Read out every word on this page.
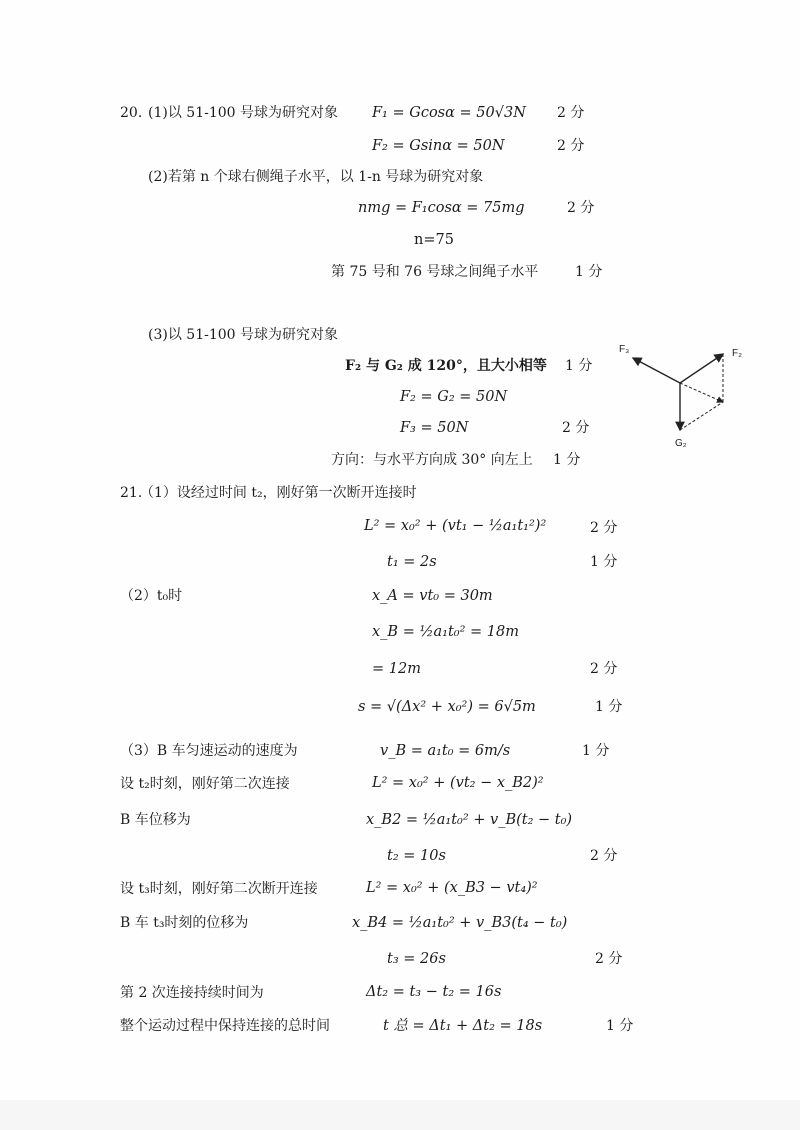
20. (1)以 51-100 号球为研究对象 F₁ = Gcosα = 50√3N 2 分
F₂ = Gsinα = 50N	2 分
(2)若第 n 个球右侧绳子水平，以 1-n 号球为研究对象
nmg = F₁cosα = 75mg	2 分
n=75
第 75 号和 76 号球之间绳子水平	1 分
(3)以 51-100 号球为研究对象
F₂ 与 G₂ 成 120°，且大小相等 1 分
F₂ = G₂ = 50N
F₃ = 50N	2 分
方向：与水平方向成 30° 向左上 1 分
F₃	F₂
G₂
21.
（1）设经过时间 t₂，刚好第一次断开连接时
L² = x₀² + (vt₁ − ½a₁t₁²)²	2 分
t₁ = 2s	1 分
（2）t₀时	x_A = vt₀ = 30m
x_B = ½a₁t₀² = 18m
= 12m	2 分
s = √(Δx² + x₀²) = 6√5m	1 分
（3）B 车匀速运动的速度为	v_B = a₁t₀ = 6m/s	1 分
设 t₂时刻，刚好第二次连接	L² = x₀² + (vt₂ − x_B2)²
B 车位移为	x_B2 = ½a₁t₀² + v_B(t₂ − t₀)
t₂ = 10s	2 分
设 t₃时刻，刚好第二次断开连接	L² = x₀² + (x_B3 − vt₄)²
B 车 t₃时刻的位移为	x_B4 = ½a₁t₀² + v_B3(t₄ − t₀)
t₃ = 26s	2 分
第 2 次连接持续时间为	Δt₂ = t₃ − t₂ = 16s
整个运动过程中保持连接的总时间	t 总 = Δt₁ + Δt₂ = 18s	1 分
